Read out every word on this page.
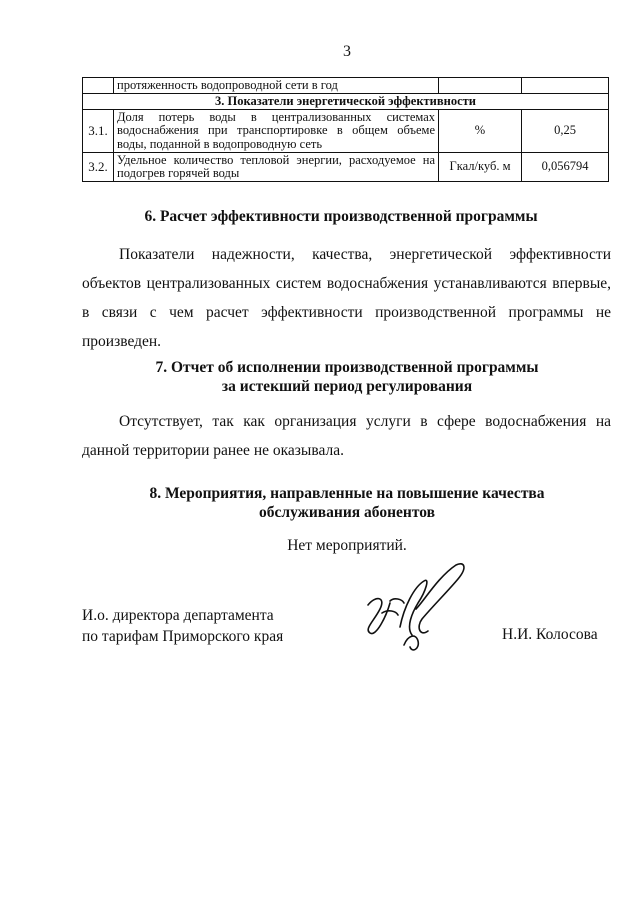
3

	протяженность водопроводной сети в год		

3. Показатели энергетической эффективности			
3.1.	Доля потерь воды в централизованных системах
водоснабжения при транспортировке в общем объеме
воды, поданной в водопроводную сеть	%	0,25
3.2.	Удельное количество тепловой энергии, расходуемое на
подогрев горячей воды	Гкал/куб. м	0,056794
6. Расчет эффективности производственной программы
Показатели надежности, качества, энергетической эффективности
объектов централизованных систем водоснабжения устанавливаются впервые,
в связи с чем расчет эффективности производственной программы не
произведен.
7. Отчет об исполнении производственной программы
за истекший период регулирования
Отсутствует, так как организация услуги в сфере водоснабжения на
данной территории ранее не оказывала.
8. Мероприятия, направленные на повышение качества
обслуживания абонентов
Нет мероприятий.
И.о. директора департамента
по тарифам Приморского края	Н.И. Колосова
